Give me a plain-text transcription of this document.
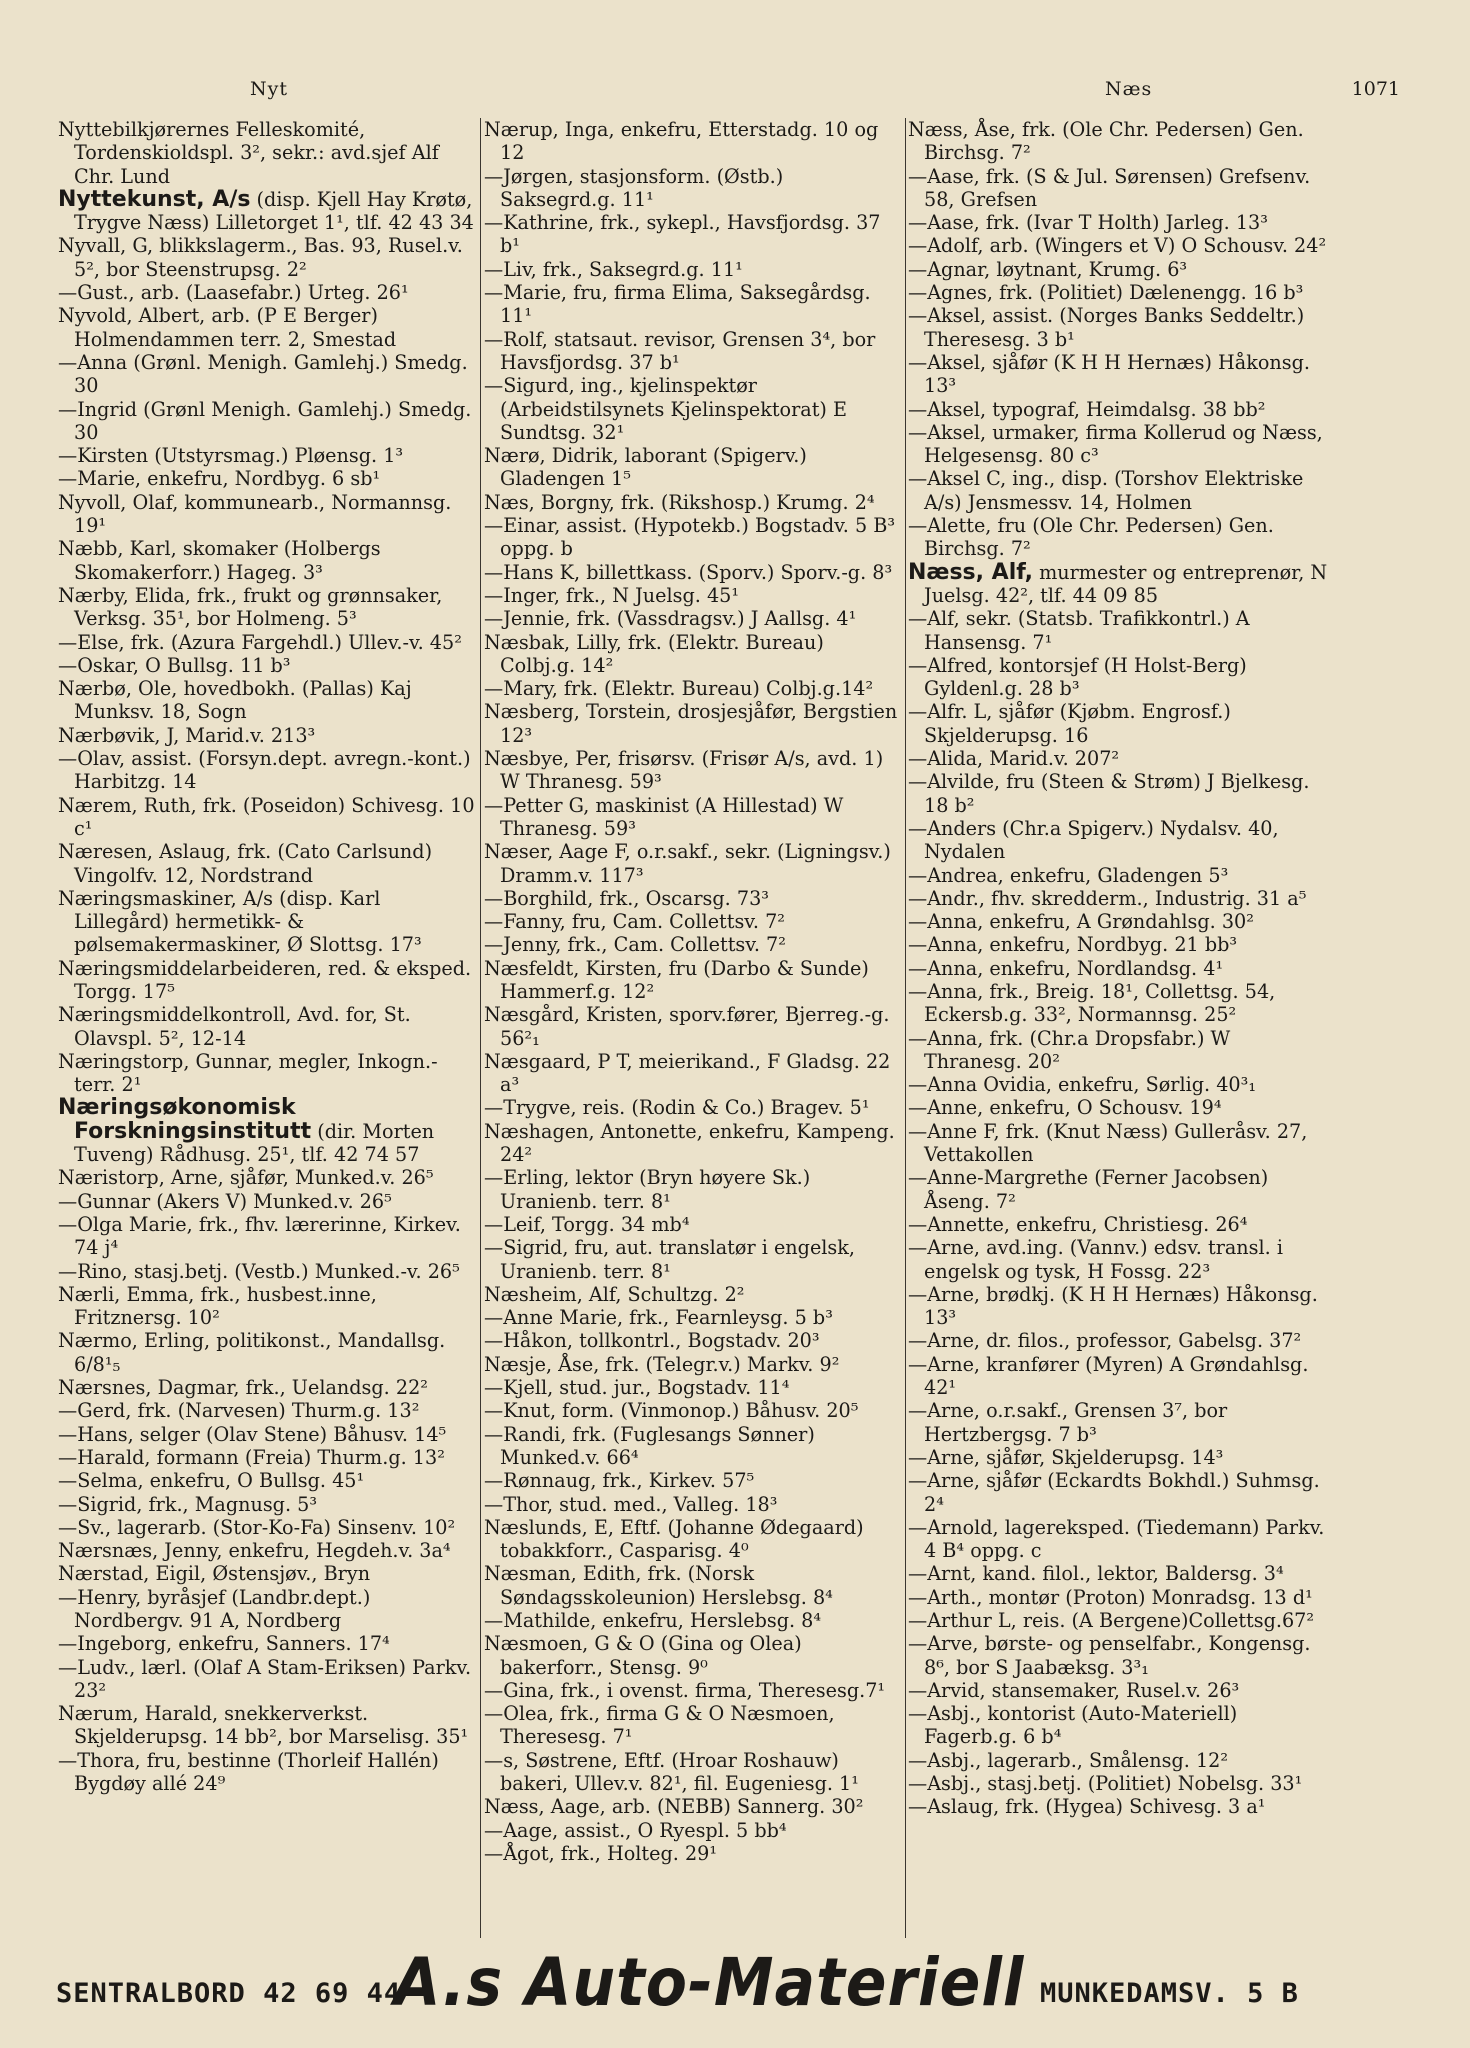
Nyt	Næs	1071

Nyttebilkjørernes Felleskomité, Tordenskioldspl. 3², sekr.: avd.sjef Alf Chr. Lund

Nyttekunst, A/s (disp. Kjell Hay Krøtø, Trygve Næss) Lilletorget 1¹, tlf. 42 43 34

Nyvall, G, blikkslagerm., Bas. 93, Rusel.v. 5², bor Steenstrupsg. 2²

—Gust., arb. (Laasefabr.) Urteg. 26¹

Nyvold, Albert, arb. (P E Berger) Holmendammen terr. 2, Smestad

—Anna (Grønl. Menigh. Gamlehj.) Smedg. 30

—Ingrid (Grønl Menigh. Gamlehj.) Smedg. 30

—Kirsten (Utstyrsmag.) Pløensg. 1³

—Marie, enkefru, Nordbyg. 6 sb¹

Nyvoll, Olaf, kommunearb., Normannsg. 19¹

Næbb, Karl, skomaker (Holbergs Skomakerforr.) Hageg. 3³

Nærby, Elida, frk., frukt og grønnsaker, Verksg. 35¹, bor Holmeng. 5³

—Else, frk. (Azura Fargehdl.) Ullev.-v. 45²

—Oskar, O Bullsg. 11 b³

Nærbø, Ole, hovedbokh. (Pallas) Kaj Munksv. 18, Sogn

Nærbøvik, J, Marid.v. 213³

—Olav, assist. (Forsyn.dept. avregn.-kont.) Harbitzg. 14

Nærem, Ruth, frk. (Poseidon) Schivesg. 10 c¹

Næresen, Aslaug, frk. (Cato Carlsund) Vingolfv. 12, Nordstrand

Næringsmaskiner, A/s (disp. Karl Lillegård) hermetikk- & pølsemakermaskiner, Ø Slottsg. 17³

Næringsmiddelarbeideren, red. & eksped. Torgg. 17⁵

Næringsmiddelkontroll, Avd. for, St. Olavspl. 5², 12-14

Næringstorp, Gunnar, megler, Inkogn.-terr. 2¹

Næringsøkonomisk Forskningsinstitutt (dir. Morten Tuveng) Rådhusg. 25¹, tlf. 42 74 57

Næristorp, Arne, sjåfør, Munked.v. 26⁵

—Gunnar (Akers V) Munked.v. 26⁵

—Olga Marie, frk., fhv. lærerinne, Kirkev. 74 j⁴

—Rino, stasj.betj. (Vestb.) Munked.-v. 26⁵

Nærli, Emma, frk., husbest.inne, Fritznersg. 10²

Nærmo, Erling, politikonst., Mandallsg. 6/8¹₅

Nærsnes, Dagmar, frk., Uelandsg. 22²

—Gerd, frk. (Narvesen) Thurm.g. 13²

—Hans, selger (Olav Stene) Båhusv. 14⁵

—Harald, formann (Freia) Thurm.g. 13²

—Selma, enkefru, O Bullsg. 45¹

—Sigrid, frk., Magnusg. 5³

—Sv., lagerarb. (Stor-Ko-Fa) Sinsenv. 10²

Nærsnæs, Jenny, enkefru, Hegdeh.v. 3a⁴

Nærstad, Eigil, Østensjøv., Bryn

—Henry, byråsjef (Landbr.dept.) Nordbergv. 91 A, Nordberg

—Ingeborg, enkefru, Sanners. 17⁴

—Ludv., lærl. (Olaf A Stam-Eriksen) Parkv. 23²

Nærum, Harald, snekkerverkst. Skjelderupsg. 14 bb², bor Marselisg. 35¹

—Thora, fru, bestinne (Thorleif Hallén) Bygdøy allé 24⁹

Nærup, Inga, enkefru, Etterstadg. 10 og 12

—Jørgen, stasjonsform. (Østb.) Saksegrd.g. 11¹

—Kathrine, frk., sykepl., Havsfjordsg. 37 b¹

—Liv, frk., Saksegrd.g. 11¹

—Marie, fru, firma Elima, Saksegårdsg. 11¹

—Rolf, statsaut. revisor, Grensen 3⁴, bor Havsfjordsg. 37 b¹

—Sigurd, ing., kjelinspektør (Arbeidstilsynets Kjelinspektorat) E Sundtsg. 32¹

Nærø, Didrik, laborant (Spigerv.) Gladengen 1⁵

Næs, Borgny, frk. (Rikshosp.) Krumg. 2⁴

—Einar, assist. (Hypotekb.) Bogstadv. 5 B³ oppg. b

—Hans K, billettkass. (Sporv.) Sporv.-g. 8³

—Inger, frk., N Juelsg. 45¹

—Jennie, frk. (Vassdragsv.) J Aallsg. 4¹

Næsbak, Lilly, frk. (Elektr. Bureau) Colbj.g. 14²

—Mary, frk. (Elektr. Bureau) Colbj.g.14²

Næsberg, Torstein, drosjesjåfør, Bergstien 12³

Næsbye, Per, frisørsv. (Frisør A/s, avd. 1) W Thranesg. 59³

—Petter G, maskinist (A Hillestad) W Thranesg. 59³

Næser, Aage F, o.r.sakf., sekr. (Ligningsv.) Dramm.v. 117³

—Borghild, frk., Oscarsg. 73³

—Fanny, fru, Cam. Collettsv. 7²

—Jenny, frk., Cam. Collettsv. 7²

Næsfeldt, Kirsten, fru (Darbo & Sunde) Hammerf.g. 12²

Næsgård, Kristen, sporv.fører, Bjerreg.-g. 56²₁

Næsgaard, P T, meierikand., F Gladsg. 22 a³

—Trygve, reis. (Rodin & Co.) Bragev. 5¹

Næshagen, Antonette, enkefru, Kampeng. 24²

—Erling, lektor (Bryn høyere Sk.) Uranienb. terr. 8¹

—Leif, Torgg. 34 mb⁴

—Sigrid, fru, aut. translatør i engelsk, Uranienb. terr. 8¹

Næsheim, Alf, Schultzg. 2²

—Anne Marie, frk., Fearnleysg. 5 b³

—Håkon, tollkontrl., Bogstadv. 20³

Næsje, Åse, frk. (Telegr.v.) Markv. 9²

—Kjell, stud. jur., Bogstadv. 11⁴

—Knut, form. (Vinmonop.) Båhusv. 20⁵

—Randi, frk. (Fuglesangs Sønner) Munked.v. 66⁴

—Rønnaug, frk., Kirkev. 57⁵

—Thor, stud. med., Valleg. 18³

Næslunds, E, Eftf. (Johanne Ødegaard) tobakkforr., Casparisg. 4⁰

Næsman, Edith, frk. (Norsk Søndagsskoleunion) Herslebsg. 8⁴

—Mathilde, enkefru, Herslebsg. 8⁴

Næsmoen, G & O (Gina og Olea) bakerforr., Stensg. 9⁰

—Gina, frk., i ovenst. firma, Theresesg.7¹

—Olea, frk., firma G & O Næsmoen, Theresesg. 7¹

—s, Søstrene, Eftf. (Hroar Roshauw) bakeri, Ullev.v. 82¹, fil. Eugeniesg. 1¹

Næss, Aage, arb. (NEBB) Sannerg. 30²

—Aage, assist., O Ryespl. 5 bb⁴

—Ågot, frk., Holteg. 29¹

Næss, Åse, frk. (Ole Chr. Pedersen) Gen. Birchsg. 7²

—Aase, frk. (S & Jul. Sørensen) Grefsenv. 58, Grefsen

—Aase, frk. (Ivar T Holth) Jarleg. 13³

—Adolf, arb. (Wingers et V) O Schousv. 24²

—Agnar, løytnant, Krumg. 6³

—Agnes, frk. (Politiet) Dælenengg. 16 b³

—Aksel, assist. (Norges Banks Seddeltr.) Theresesg. 3 b¹

—Aksel, sjåfør (K H H Hernæs) Håkonsg. 13³

—Aksel, typograf, Heimdalsg. 38 bb²

—Aksel, urmaker, firma Kollerud og Næss, Helgesensg. 80 c³

—Aksel C, ing., disp. (Torshov Elektriske A/s) Jensmessv. 14, Holmen

—Alette, fru (Ole Chr. Pedersen) Gen. Birchsg. 7²

Næss, Alf, murmester og entreprenør, N Juelsg. 42², tlf. 44 09 85

—Alf, sekr. (Statsb. Trafikkontrl.) A Hansensg. 7¹

—Alfred, kontorsjef (H Holst-Berg) Gyldenl.g. 28 b³

—Alfr. L, sjåfør (Kjøbm. Engrosf.) Skjelderupsg. 16

—Alida, Marid.v. 207²

—Alvilde, fru (Steen & Strøm) J Bjelkesg. 18 b²

—Anders (Chr.a Spigerv.) Nydalsv. 40, Nydalen

—Andrea, enkefru, Gladengen 5³

—Andr., fhv. skredderm., Industrig. 31 a⁵

—Anna, enkefru, A Grøndahlsg. 30²

—Anna, enkefru, Nordbyg. 21 bb³

—Anna, enkefru, Nordlandsg. 4¹

—Anna, frk., Breig. 18¹, Collettsg. 54, Eckersb.g. 33², Normannsg. 25²

—Anna, frk. (Chr.a Dropsfabr.) W Thranesg. 20²

—Anna Ovidia, enkefru, Sørlig. 40³₁

—Anne, enkefru, O Schousv. 19⁴

—Anne F, frk. (Knut Næss) Gulleråsv. 27, Vettakollen

—Anne-Margrethe (Ferner Jacobsen) Åseng. 7²

—Annette, enkefru, Christiesg. 26⁴

—Arne, avd.ing. (Vannv.) edsv. transl. i engelsk og tysk, H Fossg. 22³

—Arne, brødkj. (K H H Hernæs) Håkonsg. 13³

—Arne, dr. filos., professor, Gabelsg. 37²

—Arne, kranfører (Myren) A Grøndahlsg. 42¹

—Arne, o.r.sakf., Grensen 3⁷, bor Hertzbergsg. 7 b³

—Arne, sjåfør, Skjelderupsg. 14³

—Arne, sjåfør (Eckardts Bokhdl.) Suhmsg. 2⁴

—Arnold, lagereksped. (Tiedemann) Parkv. 4 B⁴ oppg. c

—Arnt, kand. filol., lektor, Baldersg. 3⁴

—Arth., montør (Proton) Monradsg. 13 d¹

—Arthur L, reis. (A Bergene)Collettsg.67²

—Arve, børste- og penselfabr., Kongensg. 8⁶, bor S Jaabæksg. 3³₁

—Arvid, stansemaker, Rusel.v. 26³

—Asbj., kontorist (Auto-Materiell) Fagerb.g. 6 b⁴

—Asbj., lagerarb., Smålensg. 12²

—Asbj., stasj.betj. (Politiet) Nobelsg. 33¹

—Aslaug, frk. (Hygea) Schivesg. 3 a¹

SENTRALBORD 42 69 44
A.s Auto-Materiell MUNKEDAMSV. 5 B
